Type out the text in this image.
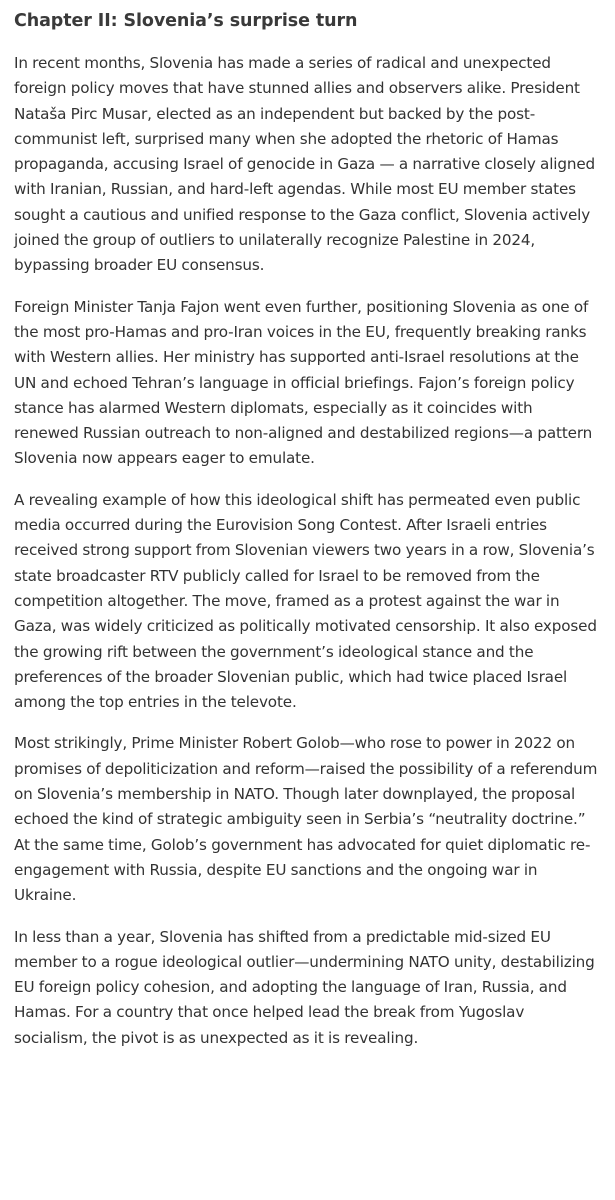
Chapter II: Slovenia’s surprise turn

In recent months, Slovenia has made a series of radical and unexpected foreign policy moves that have stunned allies and observers alike. President Nataša Pirc Musar, elected as an independent but backed by the post-communist left, surprised many when she adopted the rhetoric of Hamas propaganda, accusing Israel of genocide in Gaza — a narrative closely aligned with Iranian, Russian, and hard-left agendas. While most EU member states sought a cautious and unified response to the Gaza conflict, Slovenia actively joined the group of outliers to unilaterally recognize Palestine in 2024, bypassing broader EU consensus.

Foreign Minister Tanja Fajon went even further, positioning Slovenia as one of the most pro-Hamas and pro-Iran voices in the EU, frequently breaking ranks with Western allies. Her ministry has supported anti-Israel resolutions at the UN and echoed Tehran’s language in official briefings. Fajon’s foreign policy stance has alarmed Western diplomats, especially as it coincides with renewed Russian outreach to non-aligned and destabilized regions—a pattern Slovenia now appears eager to emulate.

A revealing example of how this ideological shift has permeated even public media occurred during the Eurovision Song Contest. After Israeli entries received strong support from Slovenian viewers two years in a row, Slovenia’s state broadcaster RTV publicly called for Israel to be removed from the competition altogether. The move, framed as a protest against the war in Gaza, was widely criticized as politically motivated censorship. It also exposed the growing rift between the government’s ideological stance and the preferences of the broader Slovenian public, which had twice placed Israel among the top entries in the televote.

Most strikingly, Prime Minister Robert Golob—who rose to power in 2022 on promises of depoliticization and reform—raised the possibility of a referendum on Slovenia’s membership in NATO. Though later downplayed, the proposal echoed the kind of strategic ambiguity seen in Serbia’s “neutrality doctrine.” At the same time, Golob’s government has advocated for quiet diplomatic re-engagement with Russia, despite EU sanctions and the ongoing war in Ukraine.

In less than a year, Slovenia has shifted from a predictable mid-sized EU member to a rogue ideological outlier—undermining NATO unity, destabilizing EU foreign policy cohesion, and adopting the language of Iran, Russia, and Hamas. For a country that once helped lead the break from Yugoslav socialism, the pivot is as unexpected as it is revealing.
